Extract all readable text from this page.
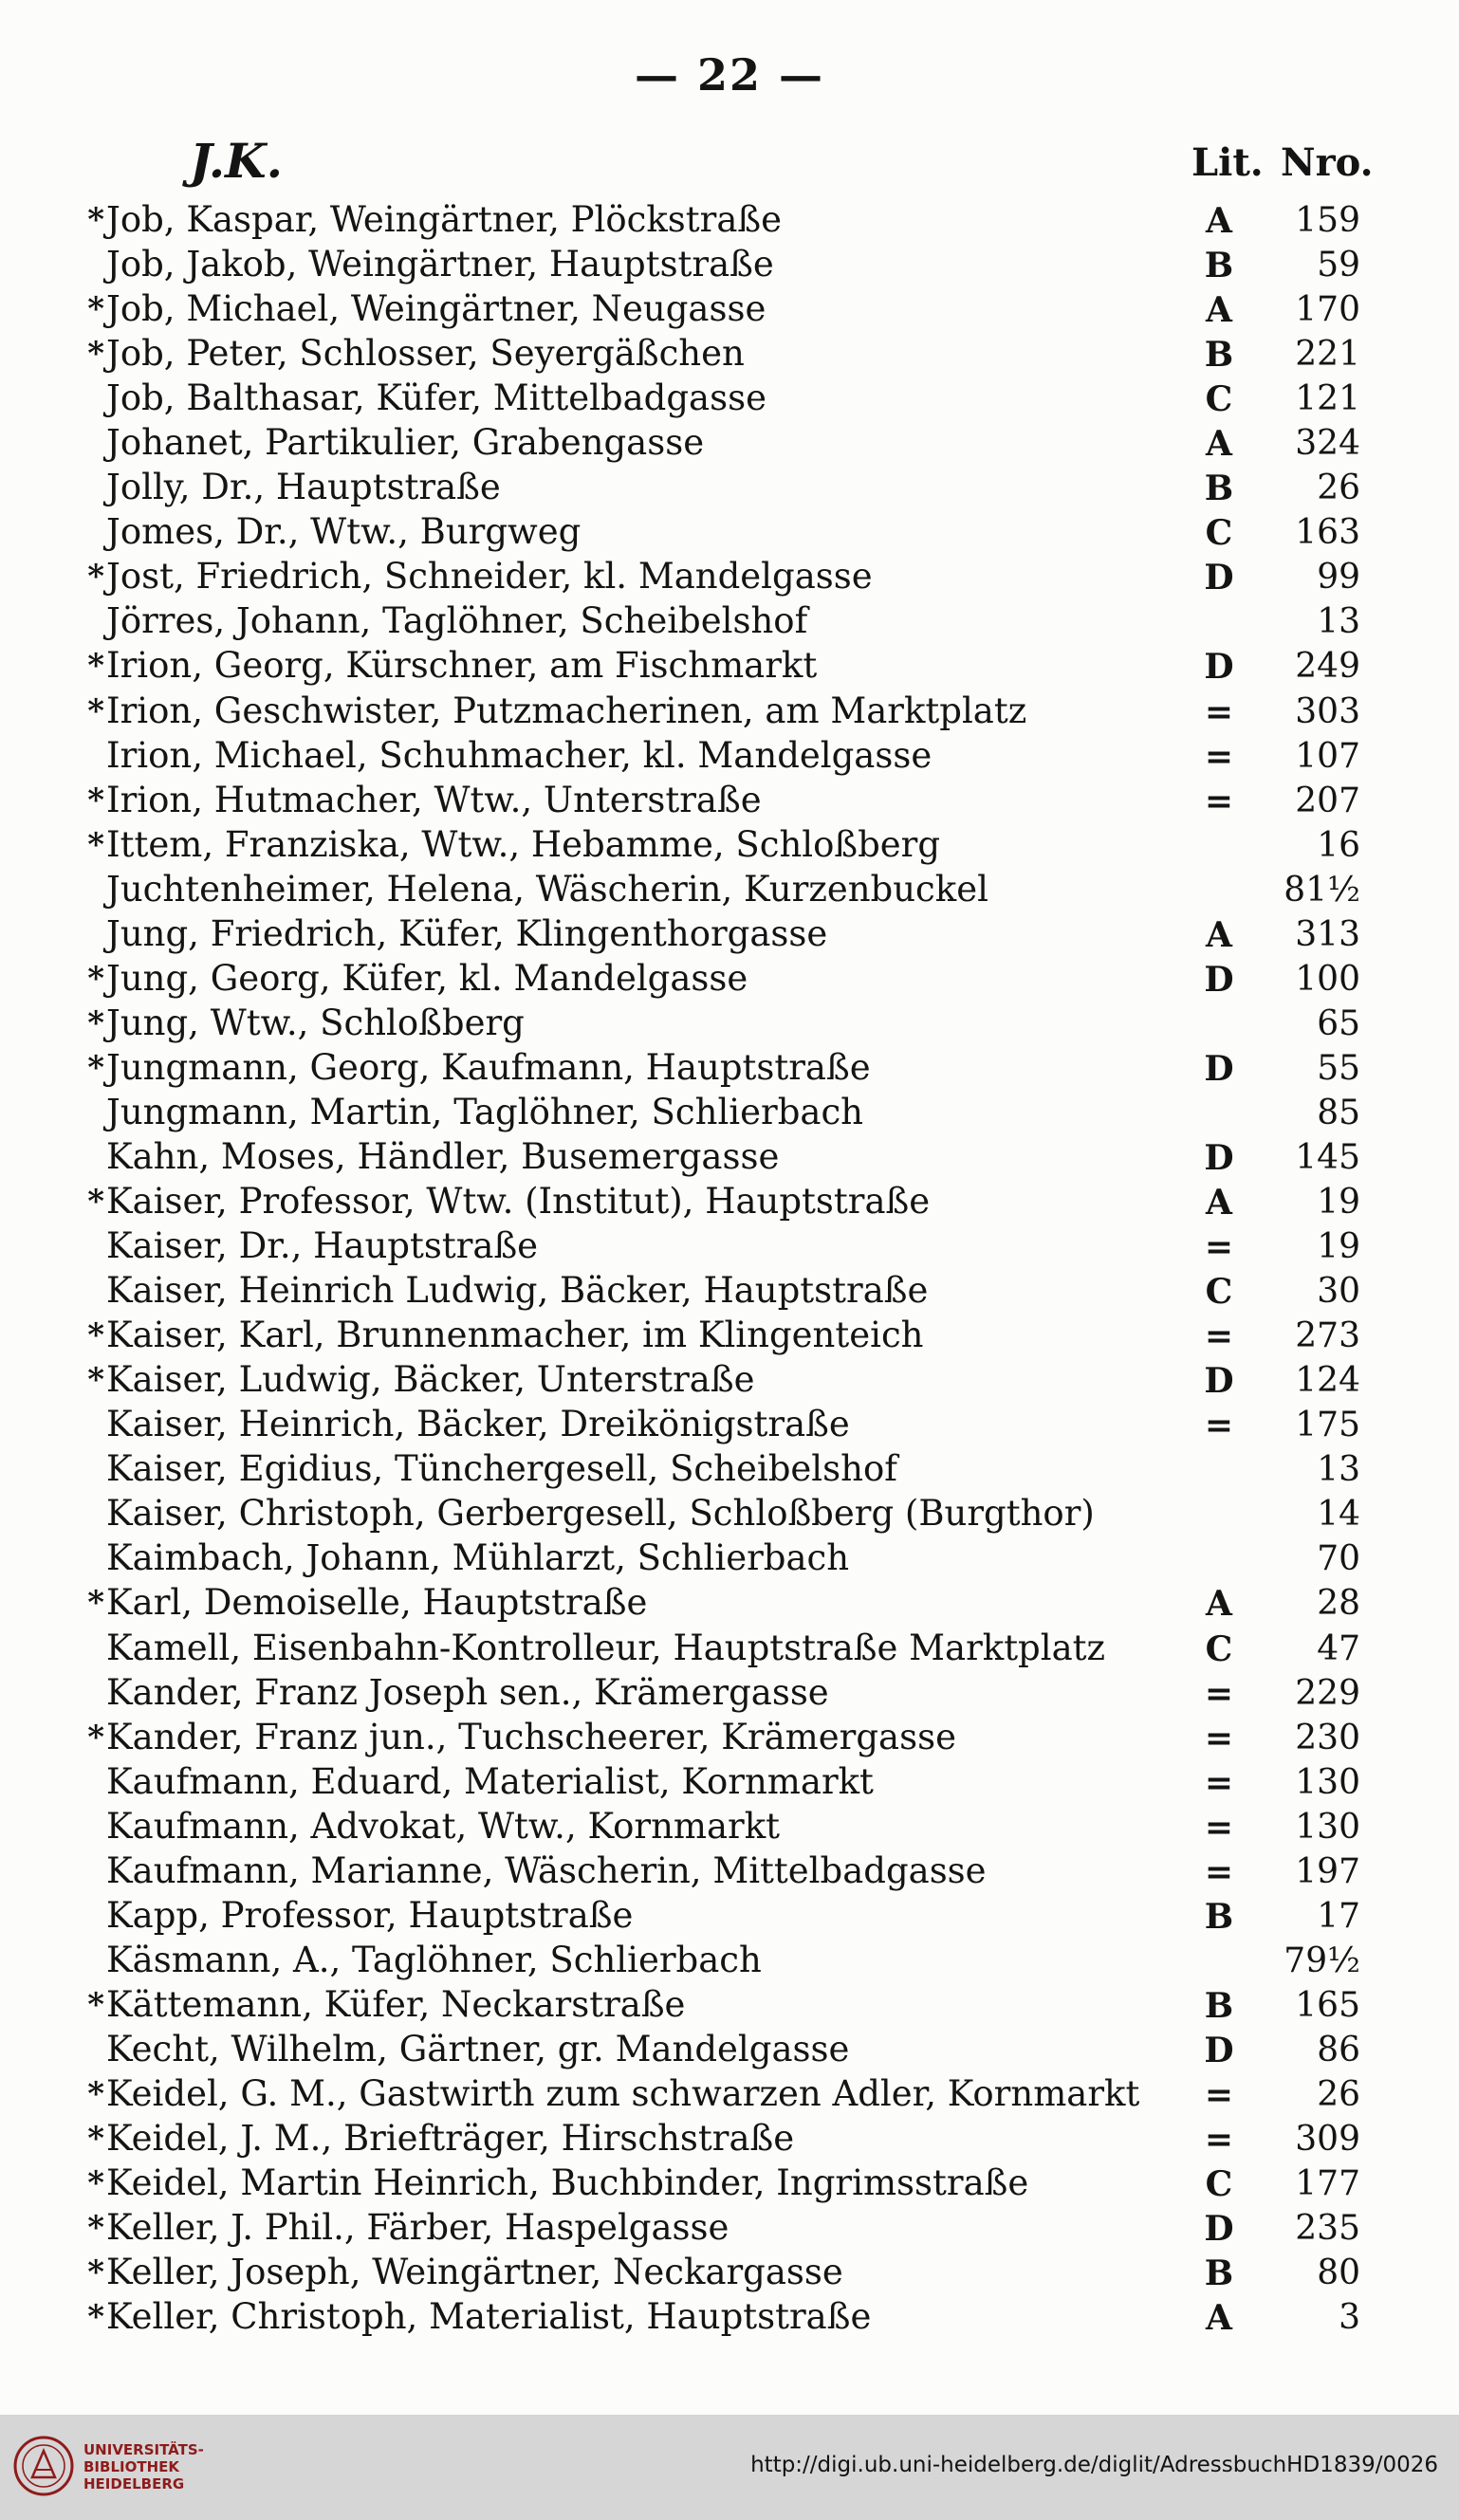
— 22 —
J.K.	Lit. Nro.
* Job, Kaspar, Weingärtner, Plöckstraße	A	159
Job, Jakob, Weingärtner, Hauptstraße	B 59
* Job, Michael, Weingärtner, Neugasse	A	170
* Job, Peter, Schlosser, Seyergäßchen	B 221
Job, Balthasar, Küfer, Mittelbadgasse	C 121
Johanet, Partikulier, Grabengasse	A	324
Jolly, Dr., Hauptstraße	B 26
Jomes, Dr., Wtw., Burgweg	C 163
* Jost, Friedrich, Schneider, kl. Mandelgasse	D 99
Jörres, Johann, Taglöhner, Scheibelshof	13
* Irion, Georg, Kürschner, am Fischmarkt	D 249
* Irion, Geschwister, Putzmacherinen, am Marktplatz	= 303
Irion, Michael, Schuhmacher, kl. Mandelgasse	= 107
* Irion, Hutmacher, Wtw., Unterstraße	= 207
* Ittem, Franziska, Wtw., Hebamme, Schloßberg	16
Juchtenheimer, Helena, Wäscherin, Kurzenbuckel	81½
Jung, Friedrich, Küfer, Klingenthorgasse	A	313
* Jung, Georg, Küfer, kl. Mandelgasse	D 100
* Jung, Wtw., Schloßberg	65
* Jungmann, Georg, Kaufmann, Hauptstraße	D 55
Jungmann, Martin, Taglöhner, Schlierbach	85
Kahn, Moses, Händler, Busemergasse	D 145
* Kaiser, Professor, Wtw. (Institut), Hauptstraße	A	19
Kaiser, Dr., Hauptstraße	= 19
Kaiser, Heinrich Ludwig, Bäcker, Hauptstraße	C 30
* Kaiser, Karl, Brunnenmacher, im Klingenteich	= 273
* Kaiser, Ludwig, Bäcker, Unterstraße	D 124
Kaiser, Heinrich, Bäcker, Dreikönigstraße	= 175
Kaiser, Egidius, Tünchergesell, Scheibelshof	13
Kaiser, Christoph, Gerbergesell, Schloßberg (Burgthor)	14
Kaimbach, Johann, Mühlarzt, Schlierbach	70
* Karl, Demoiselle, Hauptstraße	A	28
Kamell, Eisenbahn-Kontrolleur, Hauptstraße Marktplatz	C 47
Kander, Franz Joseph sen., Krämergasse	= 229
* Kander, Franz jun., Tuchscheerer, Krämergasse	= 230
Kaufmann, Eduard, Materialist, Kornmarkt	= 130
Kaufmann, Advokat, Wtw., Kornmarkt	= 130
Kaufmann, Marianne, Wäscherin, Mittelbadgasse	= 197
Kapp, Professor, Hauptstraße	B 17
Käsmann, A., Taglöhner, Schlierbach	79½
* Kättemann, Küfer, Neckarstraße	B 165
Kecht, Wilhelm, Gärtner, gr. Mandelgasse	D 86
* Keidel, G. M., Gastwirth zum schwarzen Adler, Kornmarkt = 26
* Keidel, J. M., Briefträger, Hirschstraße	= 309
* Keidel, Martin Heinrich, Buchbinder, Ingrimsstraße	C 177
* Keller, J. Phil., Färber, Haspelgasse	D 235
* Keller, Joseph, Weingärtner, Neckargasse	B 80
* Keller, Christoph, Materialist, Hauptstraße	A	3
UNIVERSITÄTS-
BIBLIOTHEK
HEIDELBERG
http://digi.ub.uni-heidelberg.de/diglit/AdressbuchHD1839/0026
